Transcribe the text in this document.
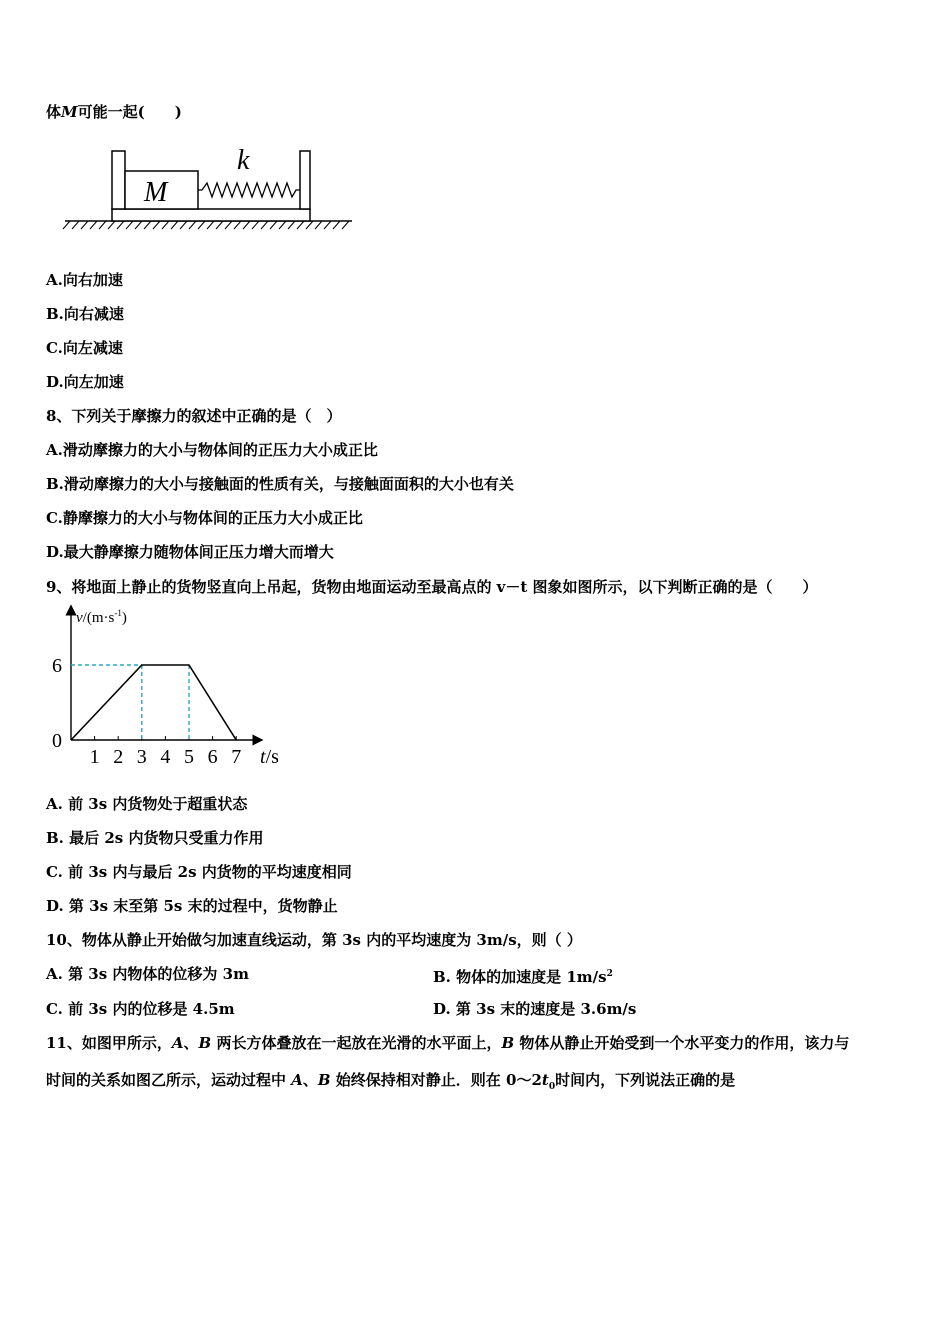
体M可能一起(　　)
M
k
A.向右加速
B.向右减速
C.向左减速
D.向左加速
8、下列关于摩擦力的叙述中正确的是（　）
A.滑动摩擦力的大小与物体间的正压力大小成正比
B.滑动摩擦力的大小与接触面的性质有关，与接触面面积的大小也有关
C.静摩擦力的大小与物体间的正压力大小成正比
D.最大静摩擦力随物体间正压力增大而增大
9、将地面上静止的货物竖直向上吊起，货物由地面运动至最高点的 v－t 图象如图所示，以下判断正确的是（　　）
$v/(m\cdot s^{-1})$
t/s
0
1 2 3 4 5 6 7
6
A. 前 3s 内货物处于超重状态
B. 最后 2s 内货物只受重力作用
C. 前 3s 内与最后 2s 内货物的平均速度相同
D. 第 3s 末至第 5s 末的过程中，货物静止
10、物体从静止开始做匀加速直线运动，第 3s 内的平均速度为 3m/s，则（ ）
A. 第 3s 内物体的位移为 3m	B. 物体的加速度是 $1m/s^2$
C. 前 3s 内的位移是 4.5m	D. 第 3s 末的速度是 3.6m/s
11、如图甲所示，A、B 两长方体叠放在一起放在光滑的水平面上，B 物体从静止开始受到一个水平变力的作用，该力与
时间的关系如图乙所示，运动过程中 A、B 始终保持相对静止．则在 $0\sim 2t_0$时间内，下列说法正确的是
